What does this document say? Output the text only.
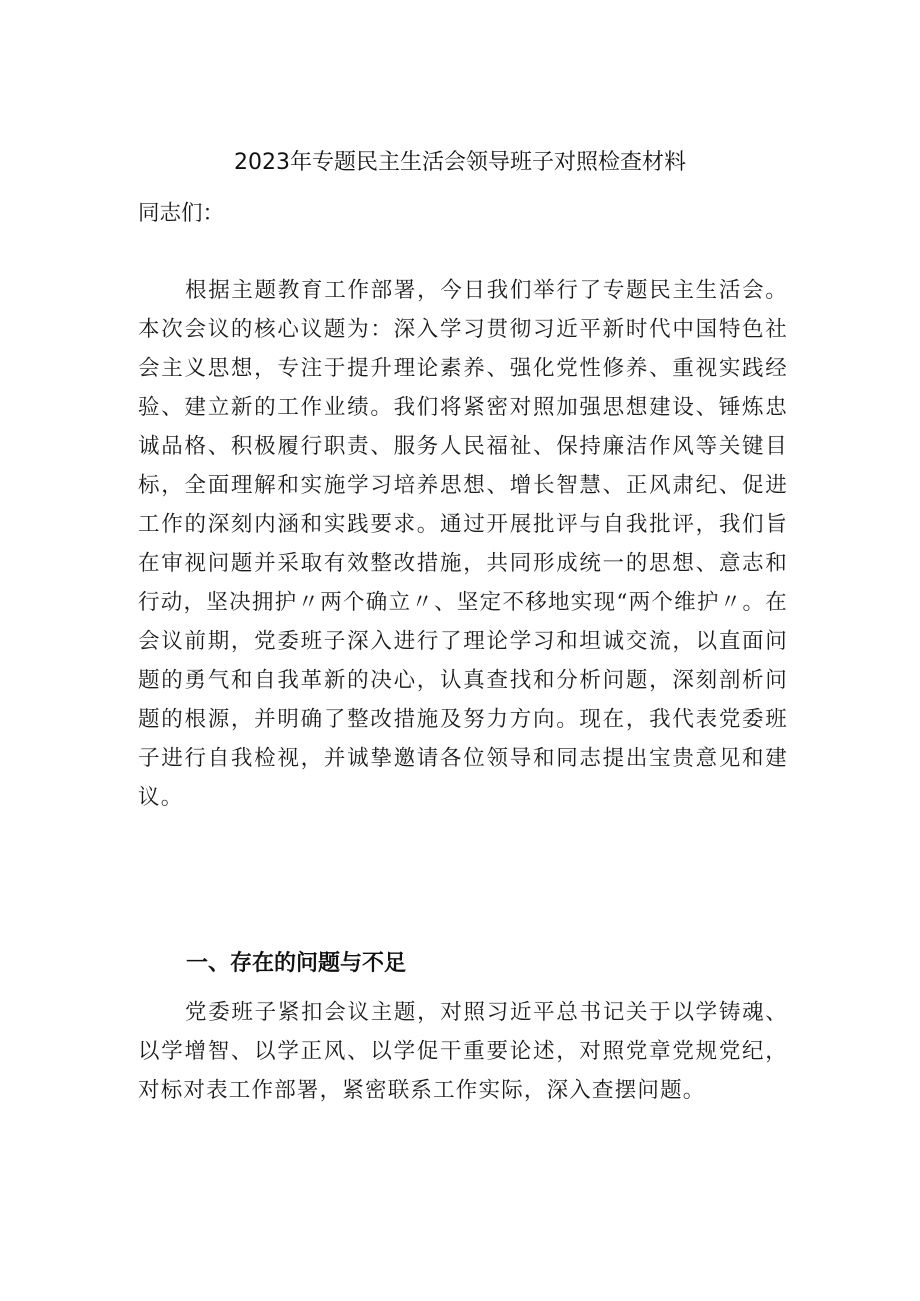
2023年专题民主生活会领导班子对照检查材料

同志们：

根据主题教育工作部署，今日我们举行了专题民主生活会。本次会议的核心议题为：深入学习贯彻习近平新时代中国特色社会主义思想，专注于提升理论素养、强化党性修养、重视实践经验、建立新的工作业绩。我们将紧密对照加强思想建设、锤炼忠诚品格、积极履行职责、服务人民福祉、保持廉洁作风等关键目标，全面理解和实施学习培养思想、增长智慧、正风肃纪、促进工作的深刻内涵和实践要求。通过开展批评与自我批评，我们旨在审视问题并采取有效整改措施，共同形成统一的思想、意志和行动，坚决拥护〃两个确立〃、坚定不移地实现“两个维护〃。在会议前期，党委班子深入进行了理论学习和坦诚交流，以直面问题的勇气和自我革新的决心，认真查找和分析问题，深刻剖析问题的根源，并明确了整改措施及努力方向。现在，我代表党委班子进行自我检视，并诚挚邀请各位领导和同志提出宝贵意见和建议。

一、存在的问题与不足

党委班子紧扣会议主题，对照习近平总书记关于以学铸魂、以学增智、以学正风、以学促干重要论述，对照党章党规党纪，对标对表工作部署，紧密联系工作实际，深入查摆问题。
